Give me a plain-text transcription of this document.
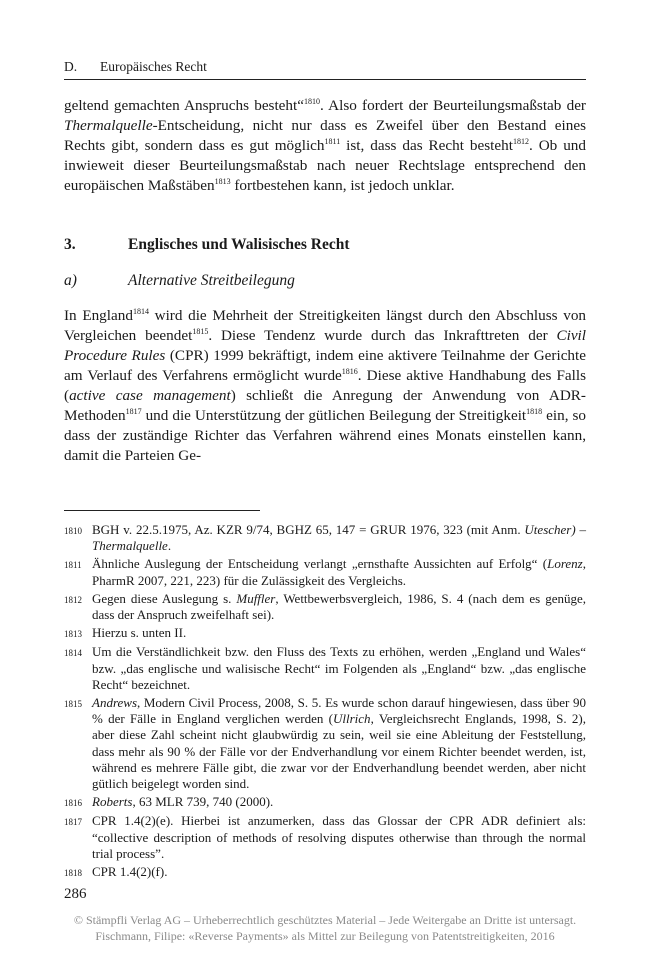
D. Europäisches Recht
geltend gemachten Anspruchs besteht“$^{1810}$. Also fordert der Beurteilungsmaßstab der Thermalquelle-Entscheidung, nicht nur dass es Zweifel über den Bestand eines Rechts gibt, sondern dass es gut möglich$^{1811}$ ist, dass das Recht besteht$^{1812}$. Ob und inwieweit dieser Beurteilungsmaßstab nach neuer Rechtslage entsprechend den europäischen Maßstäben$^{1813}$ fortbestehen kann, ist jedoch unklar.
3.	Englisches und Walisisches Recht
a)	Alternative Streitbeilegung
In England$^{1814}$ wird die Mehrheit der Streitigkeiten längst durch den Abschluss von Vergleichen beendet$^{1815}$. Diese Tendenz wurde durch das Inkrafttreten der Civil Procedure Rules (CPR) 1999 bekräftigt, indem eine aktivere Teilnahme der Gerichte am Verlauf des Verfahrens ermöglicht wurde$^{1816}$. Diese aktive Handhabung des Falls (active case management) schließt die Anregung der Anwendung von ADR-Methoden$^{1817}$ und die Unterstützung der gütlichen Beilegung der Streitigkeit$^{1818}$ ein, so dass der zuständige Richter das Verfahren während eines Monats einstellen kann, damit die Parteien Ge-
1810 BGH v. 22.5.1975, Az. KZR 9/74, BGHZ 65, 147 = GRUR 1976, 323 (mit Anm. Utescher) – Thermalquelle.
1811 Ähnliche Auslegung der Entscheidung verlangt „ernsthafte Aussichten auf Erfolg“ (Lorenz, PharmR 2007, 221, 223) für die Zulässigkeit des Vergleichs.
1812 Gegen diese Auslegung s. Muffler, Wettbewerbsvergleich, 1986, S. 4 (nach dem es genüge, dass der Anspruch zweifelhaft sei).
1813 Hierzu s. unten II.
1814 Um die Verständlichkeit bzw. den Fluss des Texts zu erhöhen, werden „England und Wales“ bzw. „das englische und walisische Recht“ im Folgenden als „England“ bzw. „das englische Recht“ bezeichnet.
1815 Andrews, Modern Civil Process, 2008, S. 5. Es wurde schon darauf hingewiesen, dass über 90 % der Fälle in England verglichen werden (Ullrich, Vergleichsrecht Englands, 1998, S. 2), aber diese Zahl scheint nicht glaubwürdig zu sein, weil sie eine Ableitung der Feststellung, dass mehr als 90 % der Fälle vor der Endverhandlung vor einem Richter beendet werden, ist, während es mehrere Fälle gibt, die zwar vor der Endverhandlung beendet werden, aber nicht gütlich beigelegt worden sind.
1816 Roberts, 63 MLR 739, 740 (2000).
1817 CPR 1.4(2)(e). Hierbei ist anzumerken, dass das Glossar der CPR ADR definiert als: “collective description of methods of resolving disputes otherwise than through the normal trial process”.
1818 CPR 1.4(2)(f).
286
© Stämpfli Verlag AG – Urheberrechtlich geschütztes Material – Jede Weitergabe an Dritte ist untersagt.
Fischmann, Filipe: «Reverse Payments» als Mittel zur Beilegung von Patentstreitigkeiten, 2016
